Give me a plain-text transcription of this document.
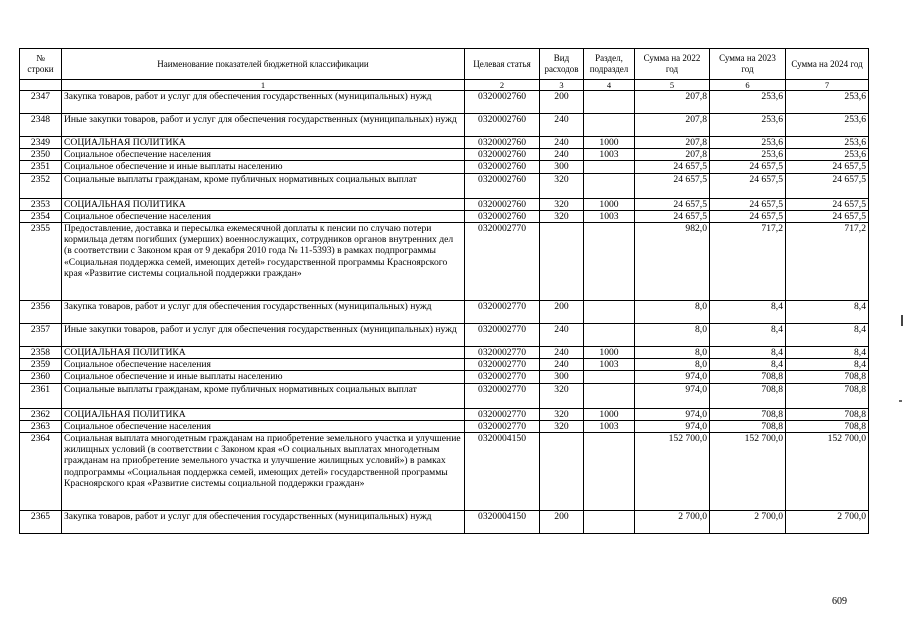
№ строки	Наименование показателей бюджетной классификации	Целевая статья	Вид расходов	Раздел, подраздел	Сумма на 2022 год	Сумма на 2023 год	Сумма на 2024 год
	1	2	3	4	5	6	7
2347	Закупка товаров, работ и услуг для обеспечения государственных (муниципальных) нужд	0320002760	200		207,8	253,6	253,6
2348	Иные закупки товаров, работ и услуг для обеспечения государственных (муниципальных) нужд	0320002760	240		207,8	253,6	253,6
2349	СОЦИАЛЬНАЯ ПОЛИТИКА	0320002760	240	1000	207,8	253,6	253,6
2350	Социальное обеспечение населения	0320002760	240	1003	207,8	253,6	253,6
2351	Социальное обеспечение и иные выплаты населению	0320002760	300		24 657,5	24 657,5	24 657,5
2352	Социальные выплаты гражданам, кроме публичных нормативных социальных выплат	0320002760	320		24 657,5	24 657,5	24 657,5
2353	СОЦИАЛЬНАЯ ПОЛИТИКА	0320002760	320	1000	24 657,5	24 657,5	24 657,5
2354	Социальное обеспечение населения	0320002760	320	1003	24 657,5	24 657,5	24 657,5
2355	Предоставление, доставка и пересылка ежемесячной доплаты к пенсии по случаю потери кормильца детям погибших (умерших) военнослужащих, сотрудников органов внутренних дел (в соответствии с Законом края от 9 декабря 2010 года № 11-5393) в рамках подпрограммы «Социальная поддержка семей, имеющих детей» государственной программы Красноярского края «Развитие системы социальной поддержки граждан»	0320002770			982,0	717,2	717,2
2356	Закупка товаров, работ и услуг для обеспечения государственных (муниципальных) нужд	0320002770	200		8,0	8,4	8,4
2357	Иные закупки товаров, работ и услуг для обеспечения государственных (муниципальных) нужд	0320002770	240		8,0	8,4	8,4
2358	СОЦИАЛЬНАЯ ПОЛИТИКА	0320002770	240	1000	8,0	8,4	8,4
2359	Социальное обеспечение населения	0320002770	240	1003	8,0	8,4	8,4
2360	Социальное обеспечение и иные выплаты населению	0320002770	300		974,0	708,8	708,8
2361	Социальные выплаты гражданам, кроме публичных нормативных социальных выплат	0320002770	320		974,0	708,8	708,8
2362	СОЦИАЛЬНАЯ ПОЛИТИКА	0320002770	320	1000	974,0	708,8	708,8
2363	Социальное обеспечение населения	0320002770	320	1003	974,0	708,8	708,8
2364	Социальная выплата многодетным гражданам на приобретение земельного участка и улучшение жилищных условий (в соответствии с Законом края «О социальных выплатах многодетным гражданам на приобретение земельного участка и улучшение жилищных условий») в рамках подпрограммы «Социальная поддержка семей, имеющих детей» государственной программы Красноярского края «Развитие системы социальной поддержки граждан»	0320004150			152 700,0	152 700,0	152 700,0
2365	Закупка товаров, работ и услуг для обеспечения государственных (муниципальных) нужд	0320004150	200		2 700,0	2 700,0	2 700,0
609
